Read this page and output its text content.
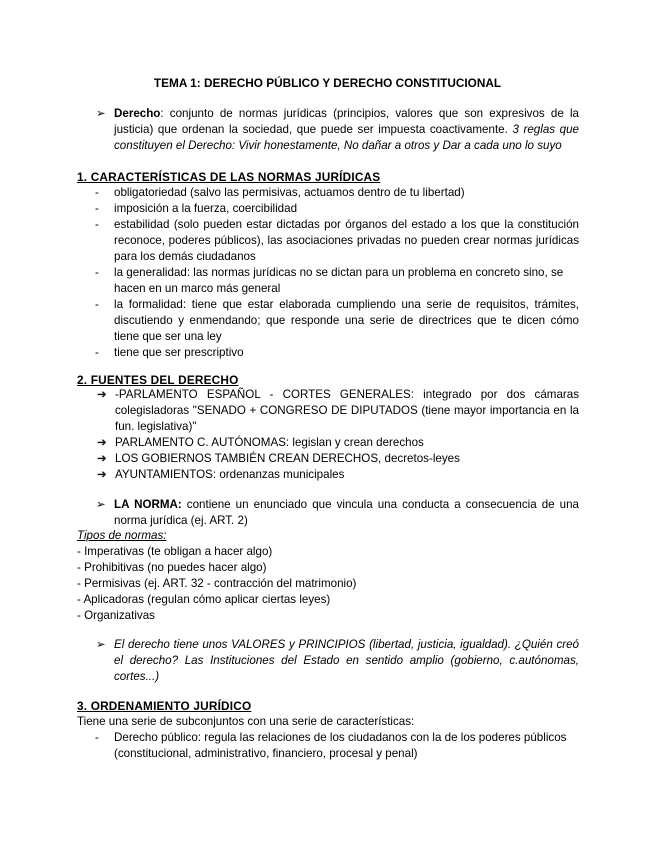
TEMA 1: DERECHO PÚBLICO Y DERECHO CONSTITUCIONAL
➢ Derecho: conjunto de normas jurídicas (principios, valores que son expresivos de la justicia) que ordenan la sociedad, que puede ser impuesta coactivamente. 3 reglas que constituyen el Derecho: Vivir honestamente, No dañar a otros y Dar a cada uno lo suyo
1. CARACTERÍSTICAS DE LAS NORMAS JURÍDICAS
-	obligatoriedad (salvo las permisivas, actuamos dentro de tu libertad)
-	imposición a la fuerza, coercibilidad
-	estabilidad (solo pueden estar dictadas por órganos del estado a los que la constitución reconoce, poderes públicos), las asociaciones privadas no pueden crear normas jurídicas para los demás ciudadanos
-	la generalidad: las normas jurídicas no se dictan para un problema en concreto sino, se hacen en un marco más general
-	la formalidad: tiene que estar elaborada cumpliendo una serie de requisitos, trámites, discutiendo y enmendando; que responde una serie de directrices que te dicen cómo tiene que ser una ley
-	tiene que ser prescriptivo
2. FUENTES DEL DERECHO
➔ -PARLAMENTO ESPAÑOL - CORTES GENERALES: integrado por dos cámaras colegisladoras "SENADO + CONGRESO DE DIPUTADOS (tiene mayor importancia en la fun. legislativa)"
➔ PARLAMENTO C. AUTÓNOMAS: legislan y crean derechos
➔ LOS GOBIERNOS TAMBIÉN CREAN DERECHOS, decretos-leyes
➔ AYUNTAMIENTOS: ordenanzas municipales
➢ LA NORMA: contiene un enunciado que vincula una conducta a consecuencia de una norma jurídica (ej. ART. 2)
Tipos de normas:
- Imperativas (te obligan a hacer algo)
- Prohibitivas (no puedes hacer algo)
- Permisivas (ej. ART. 32 - contracción del matrimonio)
- Aplicadoras (regulan cómo aplicar ciertas leyes)
- Organizativas
➢ El derecho tiene unos VALORES y PRINCIPIOS (libertad, justicia, igualdad). ¿Quién creó el derecho? Las Instituciones del Estado en sentido amplio (gobierno, c.autónomas, cortes...)
3. ORDENAMIENTO JURÍDICO
Tiene una serie de subconjuntos con una serie de características:
-	Derecho público: regula las relaciones de los ciudadanos con la de los poderes públicos (constitucional, administrativo, financiero, procesal y penal)
